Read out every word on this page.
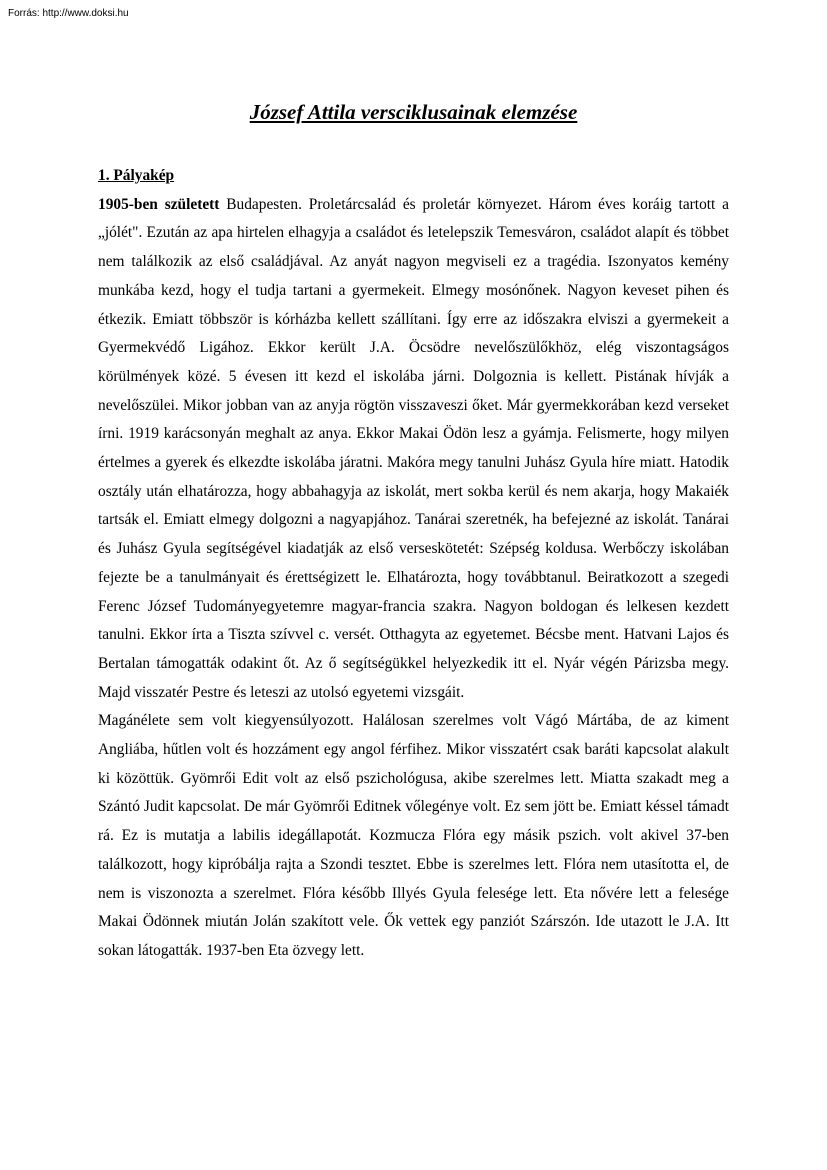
Forrás: http://www.doksi.hu
József Attila versciklusainak elemzése

1. Pályakép

1905-ben született Budapesten. Proletárcsalád és proletár környezet. Három éves koráig tartott a „jólét". Ezután az apa hirtelen elhagyja a családot és letelepszik Temesváron, családot alapít és többet nem találkozik az első családjával. Az anyát nagyon megviseli ez a tragédia. Iszonyatos kemény munkába kezd, hogy el tudja tartani a gyermekeit. Elmegy mosónőnek. Nagyon keveset pihen és étkezik. Emiatt többször is kórházba kellett szállítani. Így erre az időszakra elviszi a gyermekeit a Gyermekvédő Ligához. Ekkor került J.A. Öcsödre nevelőszülőkhöz, elég viszontagságos körülmények közé. 5 évesen itt kezd el iskolába járni. Dolgoznia is kellett. Pistának hívják a nevelőszülei. Mikor jobban van az anyja rögtön visszaveszi őket. Már gyermekkorában kezd verseket írni. 1919 karácsonyán meghalt az anya. Ekkor Makai Ödön lesz a gyámja. Felismerte, hogy milyen értelmes a gyerek és elkezdte iskolába járatni. Makóra megy tanulni Juhász Gyula híre miatt. Hatodik osztály után elhatározza, hogy abbahagyja az iskolát, mert sokba kerül és nem akarja, hogy Makaiék tartsák el. Emiatt elmegy dolgozni a nagyapjához. Tanárai szeretnék, ha befejezné az iskolát. Tanárai és Juhász Gyula segítségével kiadatják az első verseskötetét: Szépség koldusa. Werbőczy iskolában fejezte be a tanulmányait és érettségizett le. Elhatározta, hogy továbbtanul. Beiratkozott a szegedi Ferenc József Tudományegyetemre magyar-francia szakra. Nagyon boldogan és lelkesen kezdett tanulni. Ekkor írta a Tiszta szívvel c. versét. Otthagyta az egyetemet. Bécsbe ment. Hatvani Lajos és Bertalan támogatták odakint őt. Az ő segítségükkel helyezkedik itt el. Nyár végén Párizsba megy. Majd visszatér Pestre és leteszi az utolsó egyetemi vizsgáit.

Magánélete sem volt kiegyensúlyozott. Halálosan szerelmes volt Vágó Mártába, de az kiment Angliába, hűtlen volt és hozzáment egy angol férfihez. Mikor visszatért csak baráti kapcsolat alakult ki közöttük. Gyömrői Edit volt az első pszichológusa, akibe szerelmes lett. Miatta szakadt meg a Szántó Judit kapcsolat. De már Gyömrői Editnek vőlegénye volt. Ez sem jött be. Emiatt késsel támadt rá. Ez is mutatja a labilis idegállapotát. Kozmucza Flóra egy másik pszich. volt akivel 37-ben találkozott, hogy kipróbálja rajta a Szondi tesztet. Ebbe is szerelmes lett. Flóra nem utasította el, de nem is viszonozta a szerelmet. Flóra később Illyés Gyula felesége lett. Eta nővére lett a felesége Makai Ödönnek miután Jolán szakított vele. Ők vettek egy panziót Szárszón. Ide utazott le J.A. Itt sokan látogatták. 1937-ben Eta özvegy lett.
